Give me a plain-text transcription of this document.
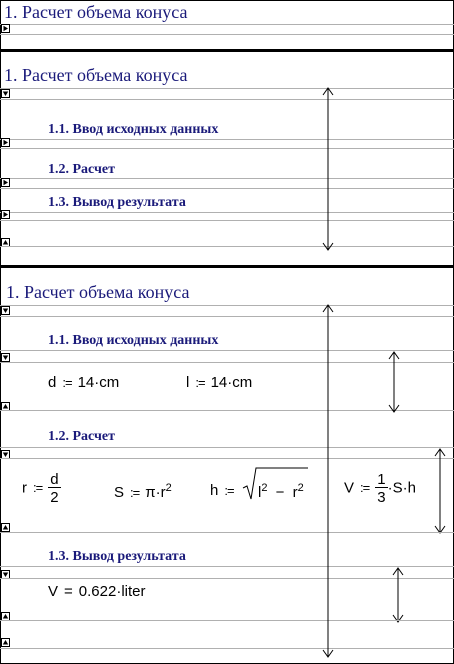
1. Расчет объема конуса
1. Расчет объема конуса
1.1. Ввод исходных данных
1.2. Расчет
1.3. Вывод результата
1. Расчет объема конуса
1.1. Ввод исходных данных
d := 14·cm	l := 14·cm
1.2. Расчет
r := $\frac{d}{2}$	S := $\pi\cdot r^2$	h :=	$l^2 - r^2$	V := $\frac{1}{3} \cdot S\cdot h$
1.3. Вывод результата
V = 0.622·liter
